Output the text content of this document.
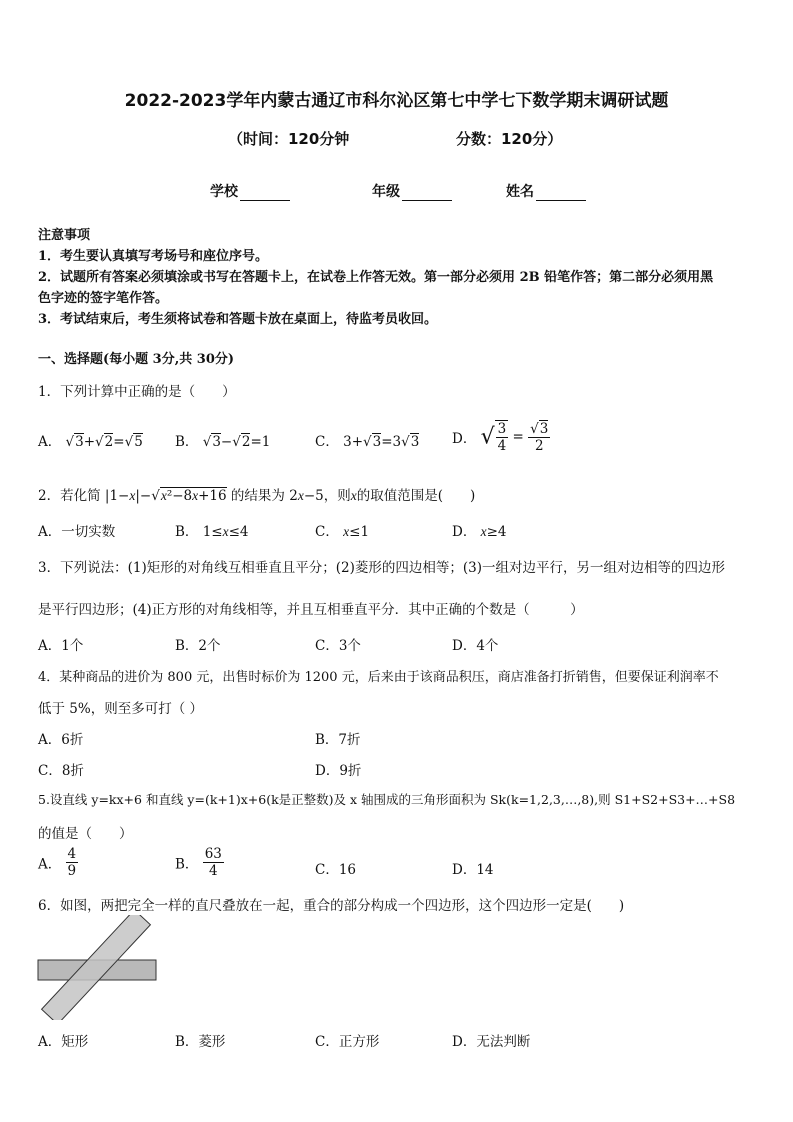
2022-2023学年内蒙古通辽市科尔沁区第七中学七下数学期末调研试题
（时间：120分钟	分数：120分）
学校	年级	姓名
注意事项
1．考生要认真填写考场号和座位序号。
2．试题所有答案必须填涂或书写在答题卡上，在试卷上作答无效。第一部分必须用 2B 铅笔作答；第二部分必须用黑
色字迹的签字笔作答。
3．考试结束后，考生须将试卷和答题卡放在桌面上，待监考员收回。
一、选择题(每小题 3分,共 30分)
1．下列计算中正确的是（　　）
A． √3+√2=√5 B． √3−√2=1	C． 3+√3=3√3 D． √ $\frac{3}{4} = \frac{√3}{2}$
2．若化简 |1−x|−√x²−8x+16 的结果为 2x−5，则x的取值范围是(　　)
A．一切实数	B． 1≤x≤4	C． x≤1	D． x≥4
3．下列说法：(1)矩形的对角线互相垂直且平分；(2)菱形的四边相等；(3)一组对边平行，另一组对边相等的四边形
是平行四边形；(4)正方形的对角线相等，并且互相垂直平分．其中正确的个数是（　　　）
A．1个	B．2个	C．3个	D．4个
4．某种商品的进价为 800 元，出售时标价为 1200 元，后来由于该商品积压，商店准备打折销售，但要保证利润率不
低于 5%，则至多可打（ ）
A．6折	B．7折
C．8折	D．9折
5.设直线 y=kx+6 和直线 y=(k+1)x+6(k是正整数)及 x 轴围成的三角形面积为 Sk(k=1,2,3,…,8),则 S1+S2+S3+…+S8
的值是（　　）
A． $\frac{4}{9}$	B． $\frac{63}{4}$	C．16	D．14
6．如图，两把完全一样的直尺叠放在一起，重合的部分构成一个四边形，这个四边形一定是(　　)
A．矩形	B．菱形	C．正方形	D．无法判断
